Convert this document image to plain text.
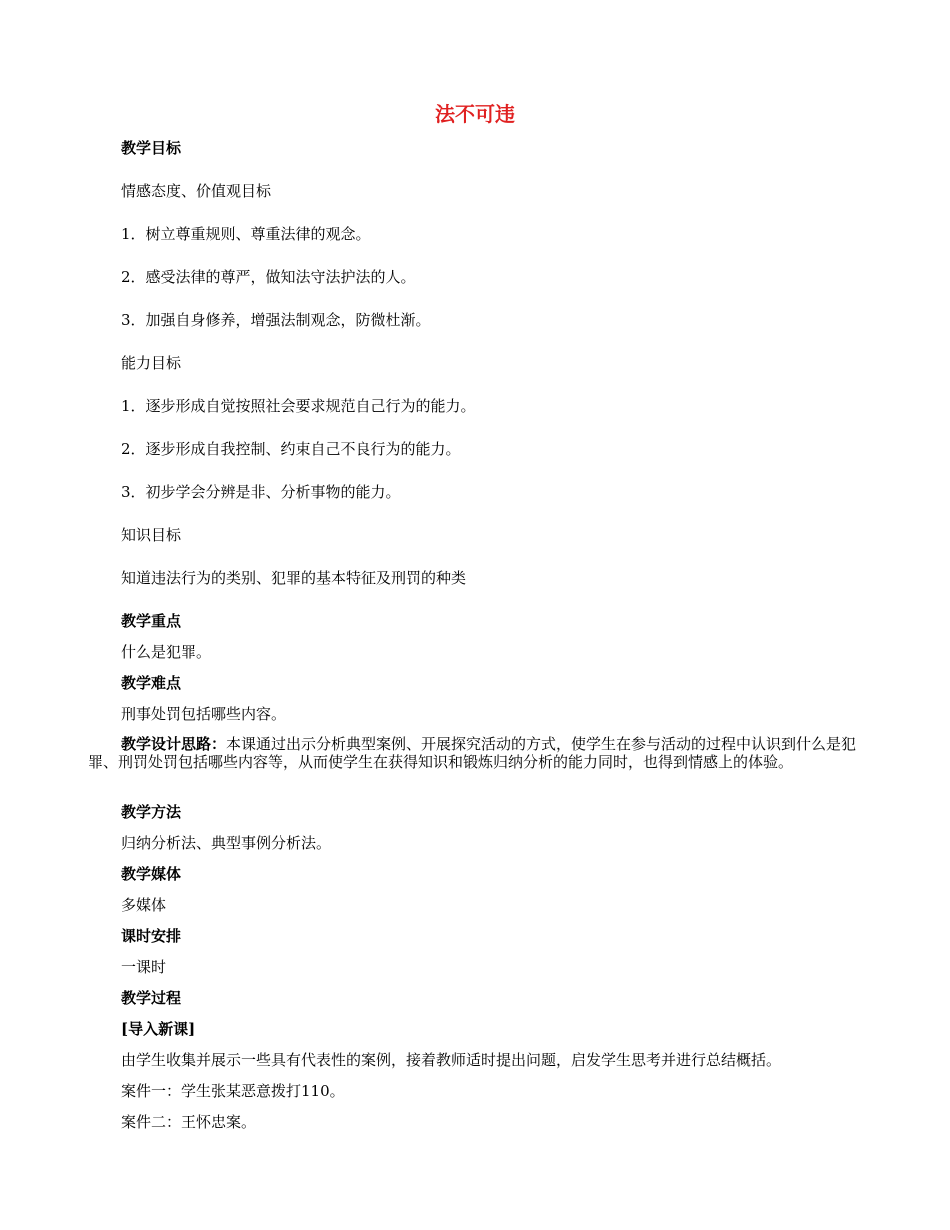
法不可违
教学目标
情感态度、价值观目标
1．树立尊重规则、尊重法律的观念。
2．感受法律的尊严，做知法守法护法的人。
3．加强自身修养，增强法制观念，防微杜渐。
能力目标
1．逐步形成自觉按照社会要求规范自己行为的能力。
2．逐步形成自我控制、约束自己不良行为的能力。
3．初步学会分辨是非、分析事物的能力。
知识目标
知道违法行为的类别、犯罪的基本特征及刑罚的种类
教学重点
什么是犯罪。
教学难点
刑事处罚包括哪些内容。
教学设计思路：本课通过出示分析典型案例、开展探究活动的方式，使学生在参与活动的过程中认识到什么是犯罪、刑罚处罚包括哪些内容等，从而使学生在获得知识和锻炼归纳分析的能力同时，也得到情感上的体验。
教学方法
归纳分析法、典型事例分析法。
教学媒体
多媒体
课时安排
一课时
教学过程
[导入新课]
由学生收集并展示一些具有代表性的案例，接着教师适时提出问题，启发学生思考并进行总结概括。
案件一：学生张某恶意拨打110。
案件二：王怀忠案。
